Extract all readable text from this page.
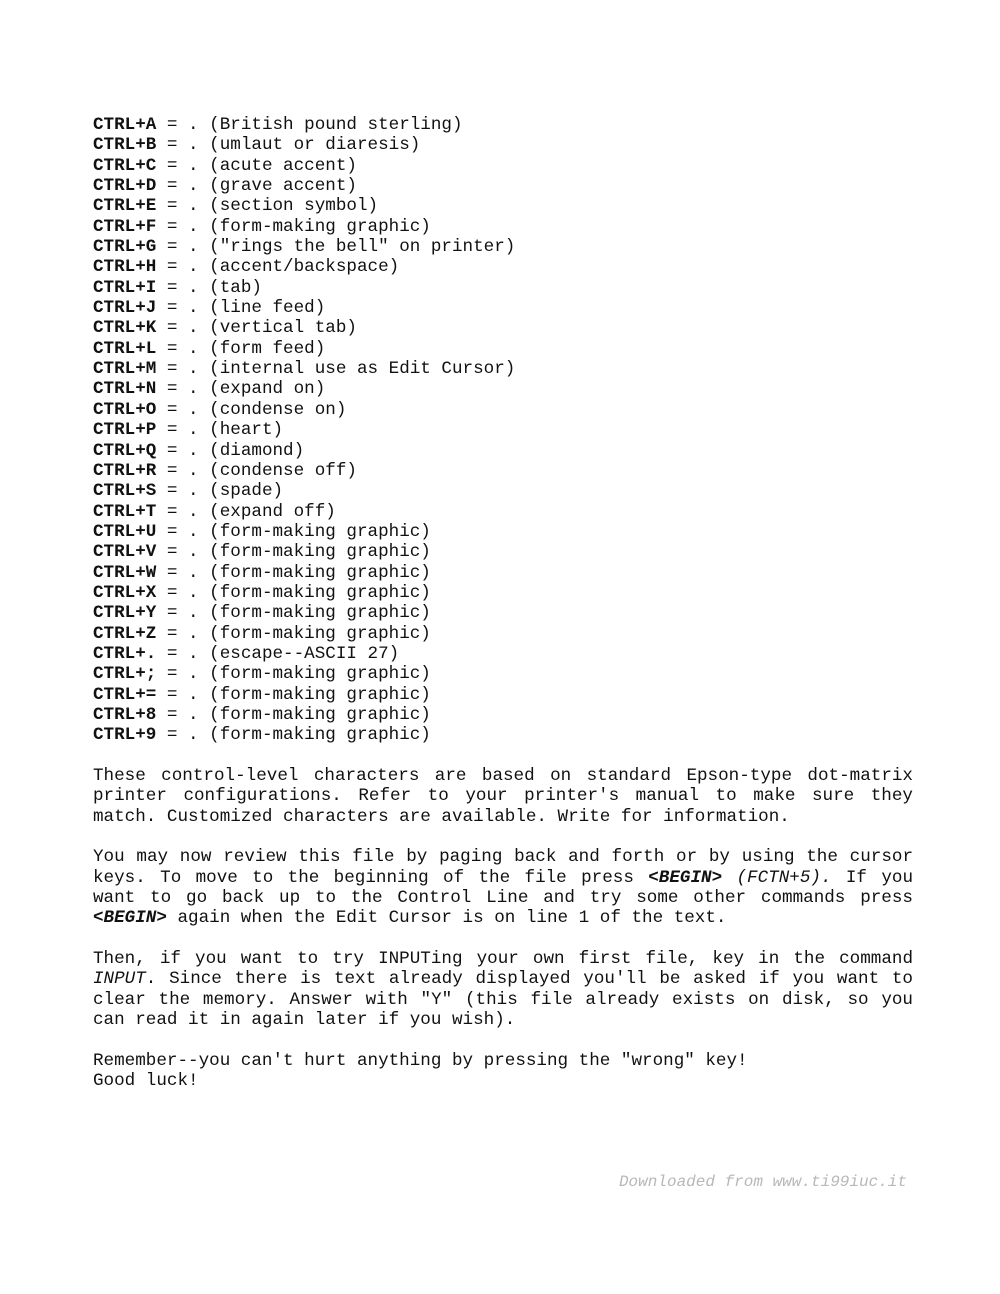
CTRL+A = . (British pound sterling)
CTRL+B = . (umlaut or diaresis)
CTRL+C = . (acute accent)
CTRL+D = . (grave accent)
CTRL+E = . (section symbol)
CTRL+F = . (form-making graphic)
CTRL+G = . ("rings the bell" on printer)
CTRL+H = . (accent/backspace)
CTRL+I = . (tab)
CTRL+J = . (line feed)
CTRL+K = . (vertical tab)
CTRL+L = . (form feed)
CTRL+M = . (internal use as Edit Cursor)
CTRL+N = . (expand on)
CTRL+O = . (condense on)
CTRL+P = . (heart)
CTRL+Q = . (diamond)
CTRL+R = . (condense off)
CTRL+S = . (spade)
CTRL+T = . (expand off)
CTRL+U = . (form-making graphic)
CTRL+V = . (form-making graphic)
CTRL+W = . (form-making graphic)
CTRL+X = . (form-making graphic)
CTRL+Y = . (form-making graphic)
CTRL+Z = . (form-making graphic)
CTRL+. = . (escape--ASCII 27)
CTRL+; = . (form-making graphic)
CTRL+= = . (form-making graphic)
CTRL+8 = . (form-making graphic)
CTRL+9 = . (form-making graphic)

These control-level characters are based on standard Epson-type dot-matrix printer configurations. Refer to your printer's manual to make sure they match. Customized characters are available. Write for information.

You may now review this file by paging back and forth or by using the cursor keys. To move to the beginning of the file press <BEGIN> (FCTN+5). If you want to go back up to the Control Line and try some other commands press <BEGIN> again when the Edit Cursor is on line 1 of the text.

Then, if you want to try INPUTing your own first file, key in the command INPUT. Since there is text already displayed you'll be asked if you want to clear the memory. Answer with "Y" (this file already exists on disk, so you can read it in again later if you wish).

Remember--you can't hurt anything by pressing the "wrong" key!
Good luck!

Downloaded from www.ti99iuc.it
